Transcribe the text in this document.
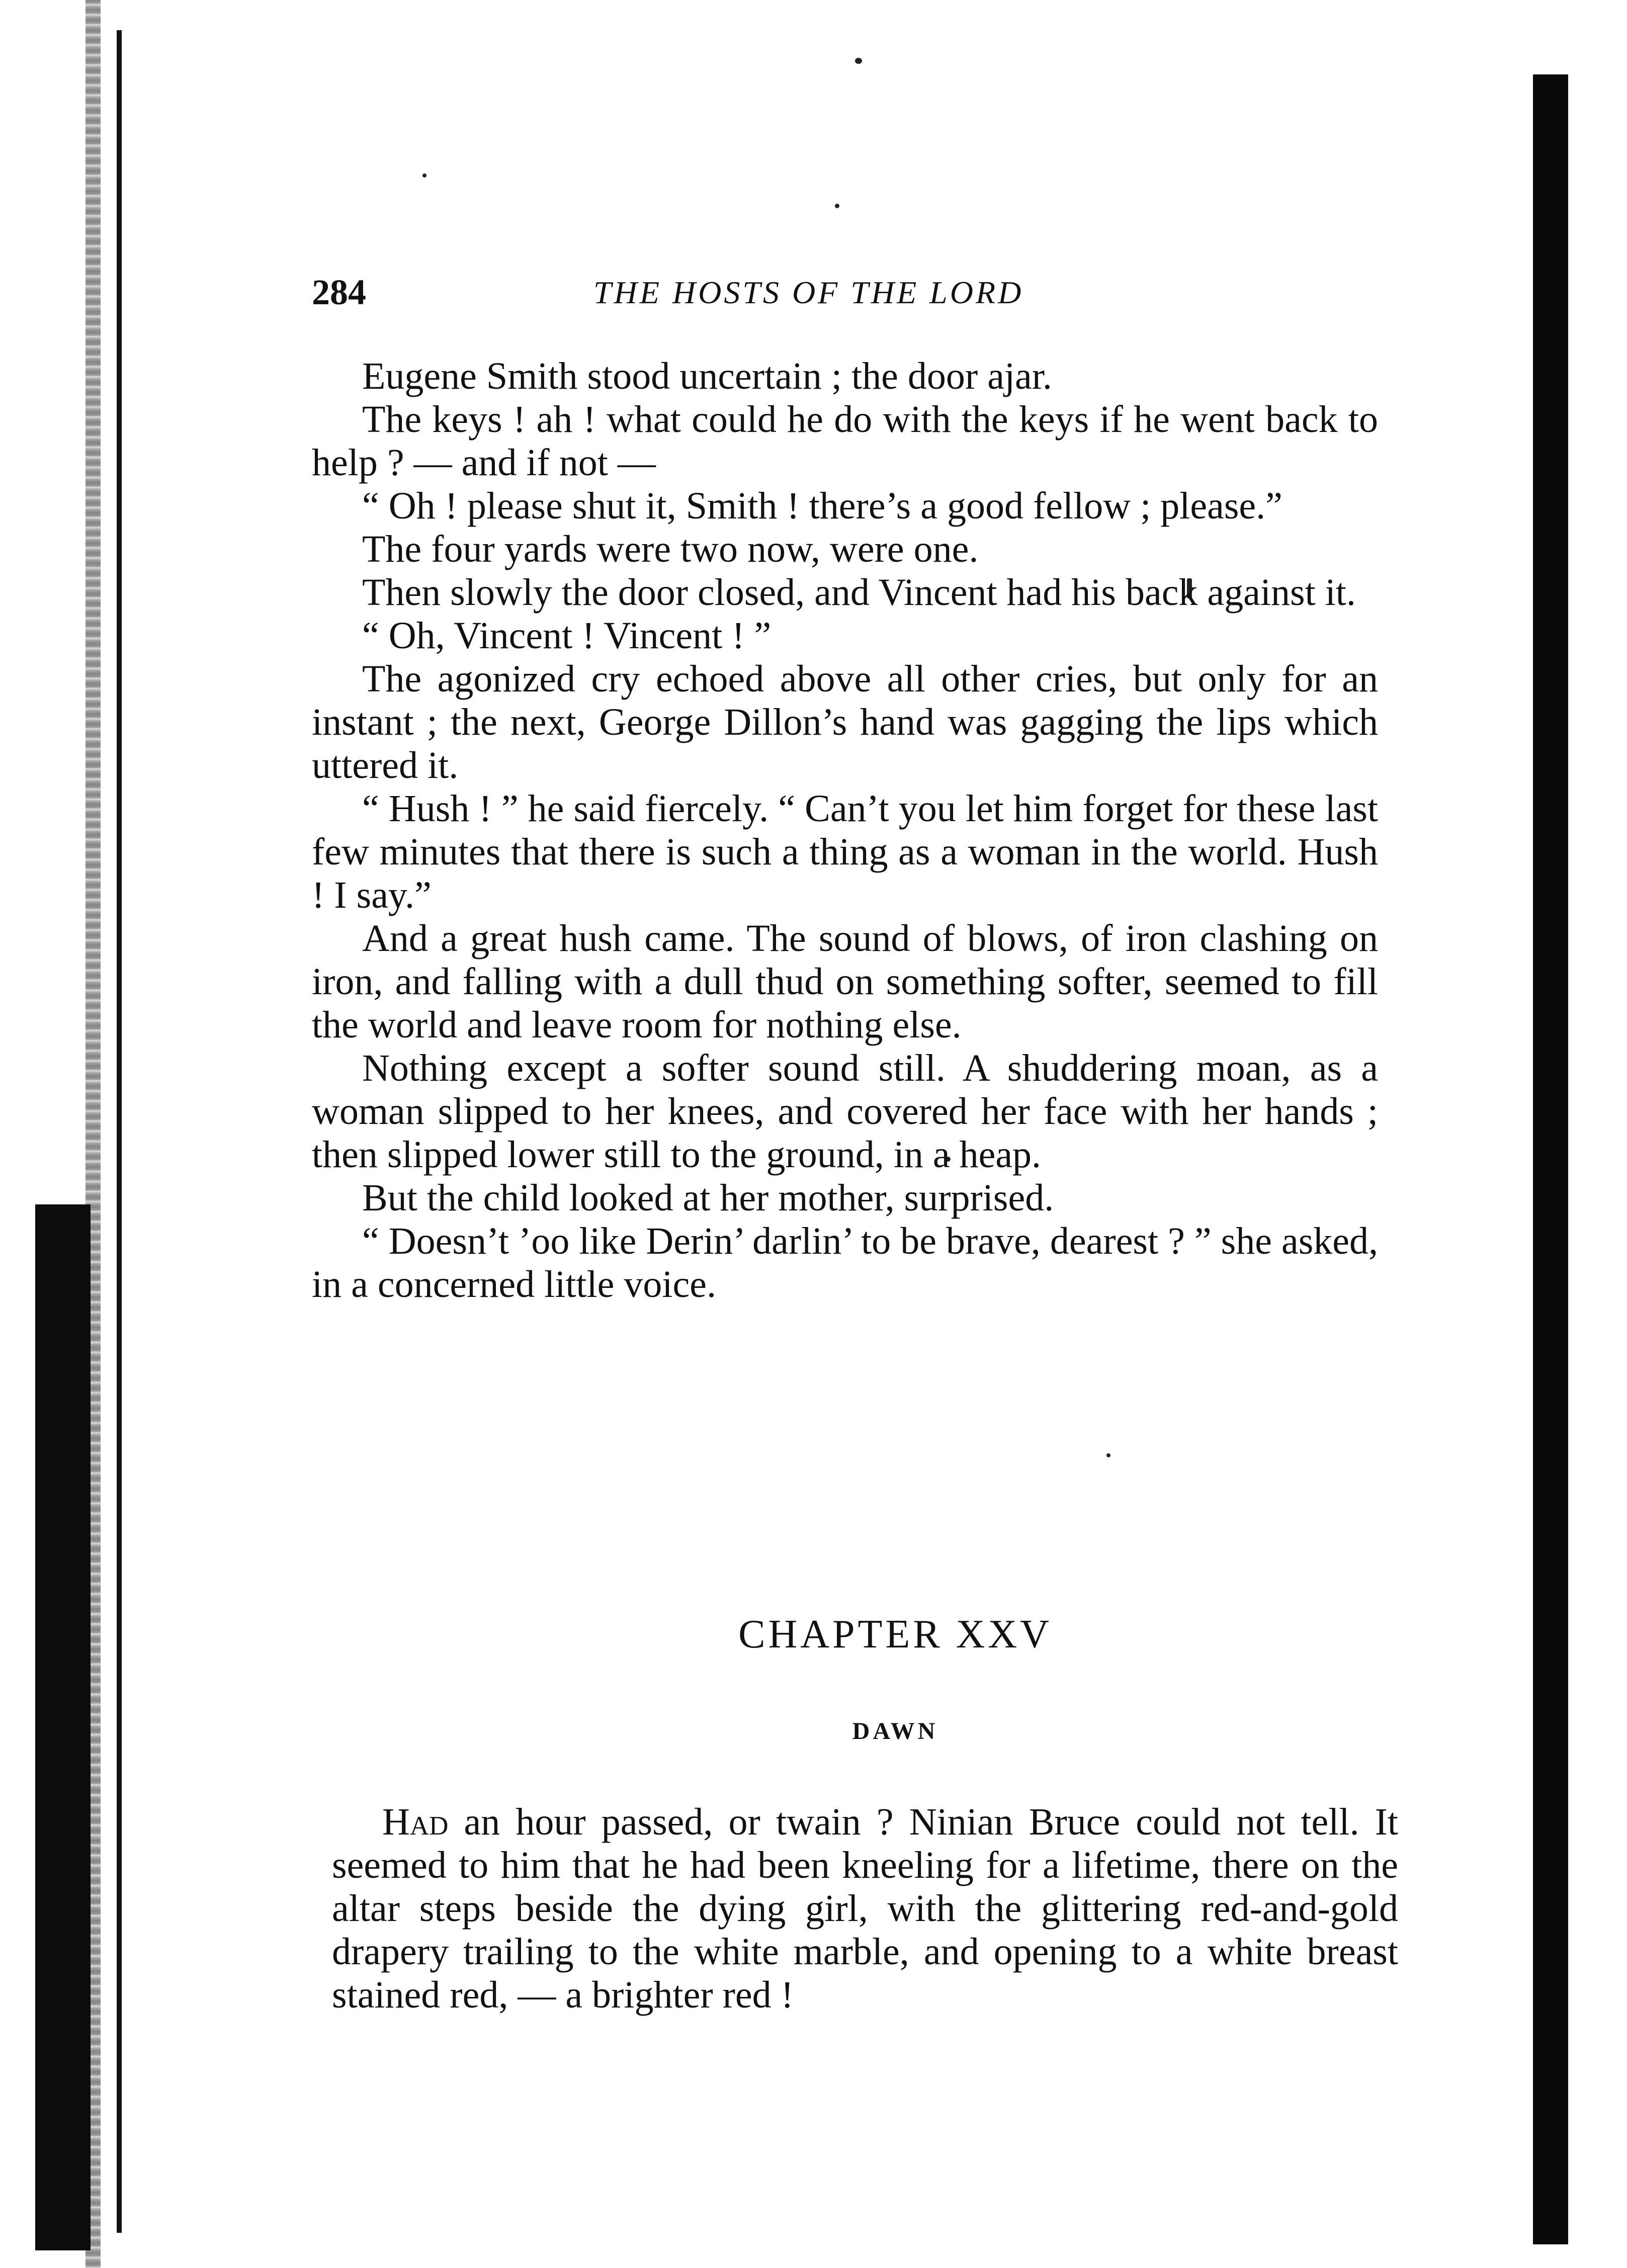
284	THE HOSTS OF THE LORD

Eugene Smith stood uncertain ; the door ajar.

The keys ! ah ! what could he do with the keys if he went back to help ? — and if not —

“ Oh ! please shut it, Smith ! there’s a good fellow ; please.”

The four yards were two now, were one.

Then slowly the door closed, and Vincent had his back against it.

“ Oh, Vincent ! Vincent ! ”

The agonized cry echoed above all other cries, but only for an instant ; the next, George Dillon’s hand was gagging the lips which uttered it.

“ Hush ! ” he said fiercely. “ Can’t you let him forget for these last few minutes that there is such a thing as a woman in the world. Hush ! I say.”

And a great hush came. The sound of blows, of iron clashing on iron, and falling with a dull thud on something softer, seemed to fill the world and leave room for nothing else.

Nothing except a softer sound still. A shuddering moan, as a woman slipped to her knees, and covered her face with her hands ; then slipped lower still to the ground, in a heap.

But the child looked at her mother, surprised.

“ Doesn’t ’oo like Derin’ darlin’ to be brave, dearest ? ” she asked, in a concerned little voice.

CHAPTER XXV
DAWN

Had an hour passed, or twain ? Ninian Bruce could not tell. It seemed to him that he had been kneeling for a lifetime, there on the altar steps beside the dying girl, with the glittering red-and-gold drapery trailing to the white marble, and opening to a white breast stained red, — a brighter red !
